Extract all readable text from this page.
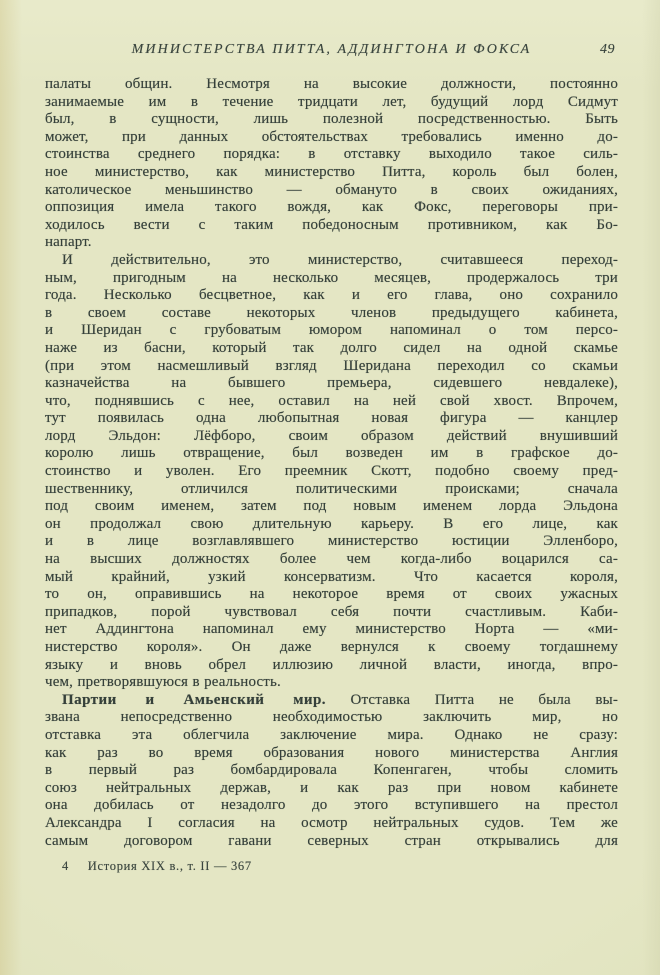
МИНИСТЕРСТВА ПИТТА, АДДИНГТОНА И ФОКСА	49
палаты общин. Несмотря на высокие должности, постоянно
занимаемые им в течение тридцати лет, будущий лорд Сидмут
был, в сущности, лишь полезной посредственностью. Быть
может, при данных обстоятельствах требовались именно до-
стоинства среднего порядка: в отставку выходило такое силь-
ное министерство, как министерство Питта, король был болен,
католическое меньшинство — обмануто в своих ожиданиях,
оппозиция имела такого вождя, как Фокс, переговоры при-
ходилось вести с таким победоносным противником, как Бо-
напарт.
И действительно, это министерство, считавшееся переход-
ным, пригодным на несколько месяцев, продержалось три
года. Несколько бесцветное, как и его глава, оно сохранило
в своем составе некоторых членов предыдущего кабинета,
и Шеридан с грубоватым юмором напоминал о том персо-
наже из басни, который так долго сидел на одной скамье
(при этом насмешливый взгляд Шеридана переходил со скамьи
казначейства на бывшего премьера, сидевшего невдалеке),
что, поднявшись с нее, оставил на ней свой хвост. Впрочем,
тут появилась одна любопытная новая фигура — канцлер
лорд Эльдон: Лёфборо, своим образом действий внушивший
королю лишь отвращение, был возведен им в графское до-
стоинство и уволен. Его преемник Скотт, подобно своему пред-
шественнику, отличился политическими происками; сначала
под своим именем, затем под новым именем лорда Эльдона
он продолжал свою длительную карьеру. В его лице, как
и в лице возглавлявшего министерство юстиции Элленборо,
на высших должностях более чем когда-либо воцарился са-
мый крайний, узкий консерватизм. Что касается короля,
то он, оправившись на некоторое время от своих ужасных
припадков, порой чувствовал себя почти счастливым. Каби-
нет Аддингтона напоминал ему министерство Норта — «ми-
нистерство короля». Он даже вернулся к своему тогдашнему
языку и вновь обрел иллюзию личной власти, иногда, впро-
чем, претворявшуюся в реальность.
Партии и Амьенский мир. Отставка Питта не была вы-
звана непосредственно необходимостью заключить мир, но
отставка эта облегчила заключение мира. Однако не сразу:
как раз во время образования нового министерства Англия
в первый раз бомбардировала Копенгаген, чтобы сломить
союз нейтральных держав, и как раз при новом кабинете
она добилась от незадолго до этого вступившего на престол
Александра I согласия на осмотр нейтральных судов. Тем же
самым договором гавани северных стран открывались для
4 История XIX в., т. II — 367
